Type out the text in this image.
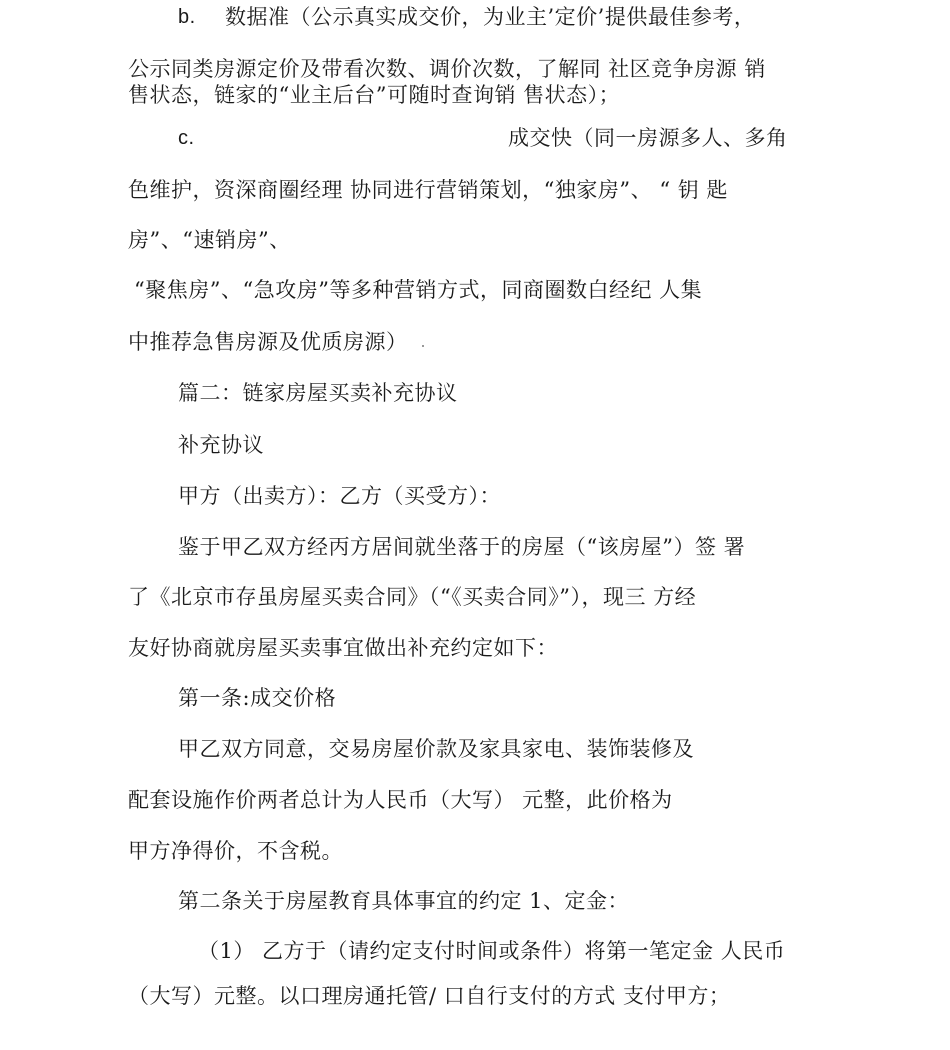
b. 数据准（公示真实成交价，为业主’定价’提供最佳参考，
公示同类房源定价及带看次数、调价次数，了解同 社区竞争房源 销
售状态，链家的“业主后台”可随时查询销 售状态）；
c.	成交快（同一房源多人、多角
色维护，资深商圈经理 协同进行营销策划，“独家房”、 “ 钥 匙
房”、“速销房”、
“聚焦房”、“急攻房”等多种营销方式，同商圈数白经纪 人集
中推荐急售房源及优质房源）
篇二：链家房屋买卖补充协议
补充协议
甲方（出卖方）：乙方（买受方）：
鉴于甲乙双方经丙方居间就坐落于的房屋（“该房屋”）签 署
了《北京市存虽房屋买卖合同》（“《买卖合同》”），现三 方经
友好协商就房屋买卖事宜做出补充约定如下：
第一条:成交价格
甲乙双方同意，交易房屋价款及家具家电、装饰装修及
配套设施作价两者总计为人民币（大写） 元整，此价格为
甲方净得价，不含税。
第二条关于房屋教育具体事宜的约定 1、定金：
（1） 乙方于（请约定支付时间或条件）将第一笔定金 人民币
（大写）元整。以口理房通托管/ 口自行支付的方式 支付甲方；
